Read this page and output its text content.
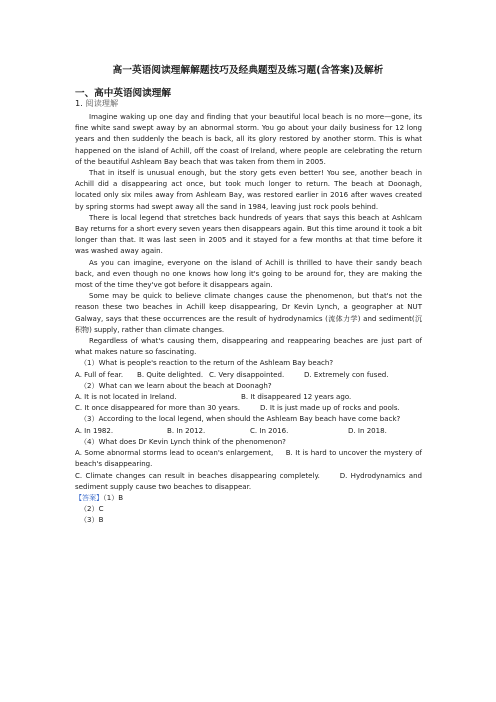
高一英语阅读理解解题技巧及经典题型及练习题(含答案)及解析
一、高中英语阅读理解
1. 阅读理解

Imagine waking up one day and finding that your beautiful local beach is no more—gone, its fine white sand swept away by an abnormal storm. You go about your daily business for 12 long years and then suddenly the beach is back, all its glory restored by another storm. This is what happened on the island of Achill, off the coast of Ireland, where people are celebrating the return of the beautiful Ashleam Bay beach that was taken from them in 2005.

That in itself is unusual enough, but the story gets even better! You see, another beach in Achill did a disappearing act once, but took much longer to return. The beach at Doonagh, located only six miles away from Ashleam Bay, was restored earlier in 2016 after waves created by spring storms had swept away all the sand in 1984, leaving just rock pools behind.

There is local legend that stretches back hundreds of years that says this beach at Ashlcam Bay returns for a short every seven years then disappears again. But this time around it took a bit longer than that. It was last seen in 2005 and it stayed for a few months at that time before it was washed away again.

As you can imagine, everyone on the island of Achill is thrilled to have their sandy beach back, and even though no one knows how long it's going to be around for, they are making the most of the time they've got before it disappears again.

Some may be quick to believe climate changes cause the phenomenon, but that's not the reason these two beaches in Achill keep disappearing, Dr Kevin Lynch, a geographer at NUT Galway, says that these occurrences are the result of hydrodynamics (流体力学) and sediment(沉积物) supply, rather than climate changes.

Regardless of what's causing them, disappearing and reappearing beaches are just part of what makes nature so fascinating.

（1）What is people's reaction to the return of the Ashleam Bay beach?
A. Full of fear.	B. Quite delighted. C. Very disappointed.	D. Extremely con fused.
（2）What can we learn about the beach at Doonagh?
A. It is not located in Ireland.	B. It disappeared 12 years ago.
C. It once disappeared for more than 30 years.	D. It is just made up of rocks and pools.
（3）According to the local legend, when should the Ashleam Bay beach have come back?
A. In 1982.	B. In 2012.	C. In 2016.	D. In 2018.
（4）What does Dr Kevin Lynch think of the phenomenon?
A. Some abnormal storms lead to ocean's enlargement, B. It is hard to uncover the mystery of beach's disappearing.
C. Climate changes can result in beaches disappearing completely.	D. Hydrodynamics and sediment supply cause two beaches to disappear.
【答案】（1）B
（2）C
（3）B
